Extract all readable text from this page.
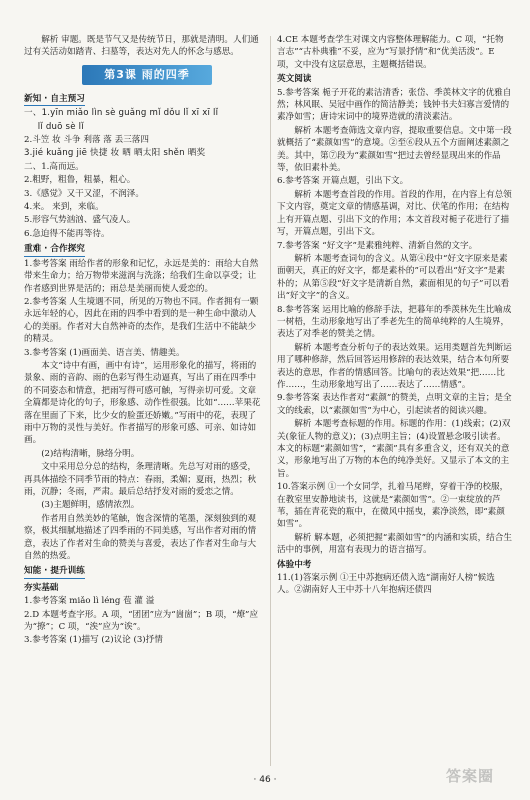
解析 审题。既是节气又是传统节日，那就是清明。人们通过有关活动如踏青、扫墓等，表达对先人的怀念与感思。

第3课 雨的四季
新知 · 自主预习

一、1.yīn miǎo lìn sè guǎng mǐ dǒu lǐ xī xī lǐ

lǐ duō sè lǐ

2.斗笠 妆 斗争 利落 落 丢三落四

3.jié kuǎng jiē 快捷 妆 晒 晒太阳 shěn 晒奖

二、1.高而远。

2.粗野，粗鲁，粗暴，粗心。

3.《感觉》又干又涩，不润泽。

4.来。 来到，来临。

5.形容气势汹汹、盛气凌人。

6.急迫得不能再等待。

重难 · 合作探究

1.参考答案 雨给作者的形象和记忆，永远是美的：雨给大自然带来生命力；给万物带来滋润与洗涤；给我们生命以享受；让作者感到世界是活的；雨总是美丽而使人爱恋的。

2.参考答案 人生境遇不同，所见的万物也不同。作者拥有一颗永远年轻的心，因此在雨的四季中看到的是一种生命中激动人心的美丽。作者对大自然神奇的杰作，是我们生活中不能缺少的精灵。

3.参考答案 (1)画面美、语言美、情趣美。

本文“诗中有画，画中有诗”，运用形象化的描写，将雨的景象、雨的音韵、雨的色彩写得生动逼真，写出了雨在四季中的不同姿态和情意，把雨写得可感可触，写得亲切可爱。文章全篇都是诗化的句子，形象感、动作性很强。比如“……苹果花落在里面了下来，比少女的脸蛋还娇嫩。”写雨中的花，表现了雨中万物的灵性与美好。作者描写的形象可感、可亲、如诗如画。

(2)结构清晰，脉络分明。

文中采用总分总的结构，条理清晰。先总写对雨的感受，再具体描绘不同季节雨的特点：春雨，柔媚；夏雨，热烈；秋雨，沉静；冬雨，严肃。最后总结抒发对雨的爱恋之情。

(3)主题鲜明，感情浓烈。

作者用自然美妙的笔触，饱含深情的笔墨，深刻独到的观察，极其细腻地描述了四季雨的不同美感，写出作者对雨的情意，表达了作者对生命的赞美与喜爱，表达了作者对生命与大自然的热爱。

知能 · 提升训练
夯实基础

1.参考答案 miǎo lì léng 苞 灌 溢

2.D 本题考查字形。A 项，“团团”应为“崮崮”；B 项，“燎”应为“撩”；C 项，“涘”应为“诶”。

3.参考答案 (1)描写 (2)议论 (3)抒情

4.CE 本题考查学生对课文内容整体理解能力。C 项，“托物言志”“古朴典雅”不妥，应为“写景抒情”和“优美活泼”。E 项，文中没有这层意思，主题概括错误。

英文阅读

5.参考答案 栀子开花的素洁清香；张岱、季羡林文字的优雅自然；林风眠、吴冠中画作的简洁静美；钱钟书夫妇寡言爱情的素净如雪；唐诗宋词中的境界造就的清淡素洁。

解析 本题考查筛选文章内容，提取重要信息。文中第一段就概括了“素颜如雪”的意境。②至⑥段从五个方面阐述素颜之美。其中，第⑦段为“素颜如雪”把过去曾经显现出来的作品等，依旧素朴美。

6.参考答案 开篇点题，引出下文。

解析 本题考查首段的作用。首段的作用，在内容上有总领下文内容，奠定文章的情感基调，对比、伏笔的作用；在结构上有开篇点题、引出下文的作用；本文首段对栀子花进行了描写，开篇点题，引出下文。

7.参考答案 “好文字”是素雅纯粹、清新自然的文字。

解析 本题考查词句的含义。从第④段中“好文字原来是素面朝天，真正的好文字，都是素朴的”可以看出“好文字”是素朴的；从第⑤段“好文字是清新自然，素面相见的句子”可以看出“好文字”的含义。

8.参考答案 运用比喻的修辞手法，把暮年的季羡林先生比喻成一树梧，生动形象地写出了季老先生的简单纯粹的人生境界，表达了对季老的赞美之情。

解析 本题考查分析句子的表达效果。运用类题首先判断运用了哪种修辞，然后回答运用修辞的表达效果，结合本句所要表达的意思，作者的情感回答。比喻句的表达效果“把……比作……，生动形象地写出了……表达了……情感”。

9.参考答案 表达作者对“素颜”的赞美，点明文章的主旨；是全文的线索，以“素颜如雪”为中心，引起读者的阅读兴趣。

解析 本题考查标题的作用。标题的作用：(1)线索；(2)双关(象征人物的意义)；(3)点明主旨；(4)设置悬念吸引读者。本文的标题“素颜如雪”，“素颜”具有多重含义，还有双关的意义，形象地写出了万物的本色的纯净美好。又显示了本文的主旨。

10.答案示例 ①一个女同学，扎着马尾辫，穿着干净的校服，在教室里安静地读书，这就是“素颜如雪”。②一束绽放的芦苇，插在青花瓷的瓶中，在微风中摇曳，素净淡然，即“素颜如雪”。

解析 解本题，必须把握“素颜如雪”的内涵和实质，结合生活中的事例，用富有表现力的语言描写。

体验中考

11.(1)答案示例 ①王中苏抱病还债入选“湖南好人榜”候选人。②湖南好人王中苏十八年抱病还债四

· 46 ·	答案圈
